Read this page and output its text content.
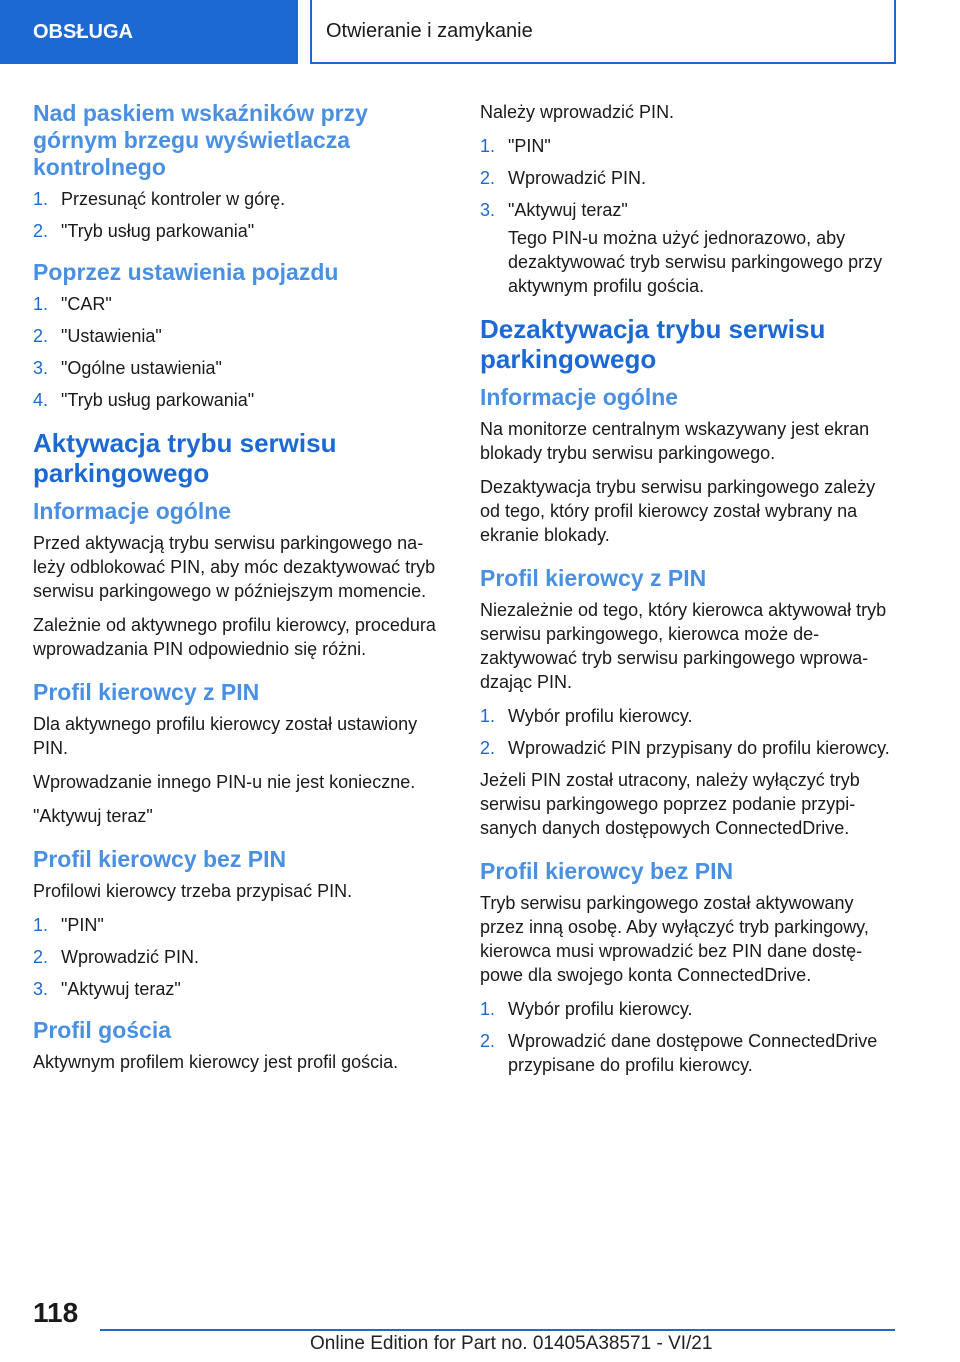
OBSŁUGA	Otwieranie i zamykanie
Nad paskiem wskaźników przy górnym brzegu wyświetlacza kontrolnego
1. Przesunąć kontroler w górę.
2. "Tryb usług parkowania"
Poprzez ustawienia pojazdu
1. "CAR"
2. "Ustawienia"
3. "Ogólne ustawienia"
4. "Tryb usług parkowania"
Aktywacja trybu serwisu parkingowego
Informacje ogólne
Przed aktywacją trybu serwisu parkingowego należy odblokować PIN, aby móc dezaktywować tryb serwisu parkingowego w późniejszym momencie.
Zależnie od aktywnego profilu kierowcy, procedura wprowadzania PIN odpowiednio się różni.
Profil kierowcy z PIN
Dla aktywnego profilu kierowcy został ustawiony PIN.
Wprowadzanie innego PIN-u nie jest konieczne.
"Aktywuj teraz"
Profil kierowcy bez PIN
Profilowi kierowcy trzeba przypisać PIN.
1. "PIN"
2. Wprowadzić PIN.
3. "Aktywuj teraz"
Profil gościa
Aktywnym profilem kierowcy jest profil gościa.
Należy wprowadzić PIN.
1. "PIN"
2. Wprowadzić PIN.
3. "Aktywuj teraz"
Tego PIN-u można użyć jednorazowo, aby dezaktywować tryb serwisu parkingowego przy aktywnym profilu gościa.
Dezaktywacja trybu serwisu parkingowego
Informacje ogólne
Na monitorze centralnym wskazywany jest ekran blokady trybu serwisu parkingowego.
Dezaktywacja trybu serwisu parkingowego zależy od tego, który profil kierowcy został wybrany na ekranie blokady.
Profil kierowcy z PIN
Niezależnie od tego, który kierowca aktywował tryb serwisu parkingowego, kierowca może dezaktywować tryb serwisu parkingowego wprowadzając PIN.
1. Wybór profilu kierowcy.
2. Wprowadzić PIN przypisany do profilu kierowcy.
Jeżeli PIN został utracony, należy wyłączyć tryb serwisu parkingowego poprzez podanie przypisanych danych dostępowych ConnectedDrive.
Profil kierowcy bez PIN
Tryb serwisu parkingowego został aktywowany przez inną osobę. Aby wyłączyć tryb parkingowy, kierowca musi wprowadzić bez PIN dane dostępowe dla swojego konta ConnectedDrive.
1. Wybór profilu kierowcy.
2. Wprowadzić dane dostępowe ConnectedDrive przypisane do profilu kierowcy.
118
Online Edition for Part no. 01405A38571 - VI/21
